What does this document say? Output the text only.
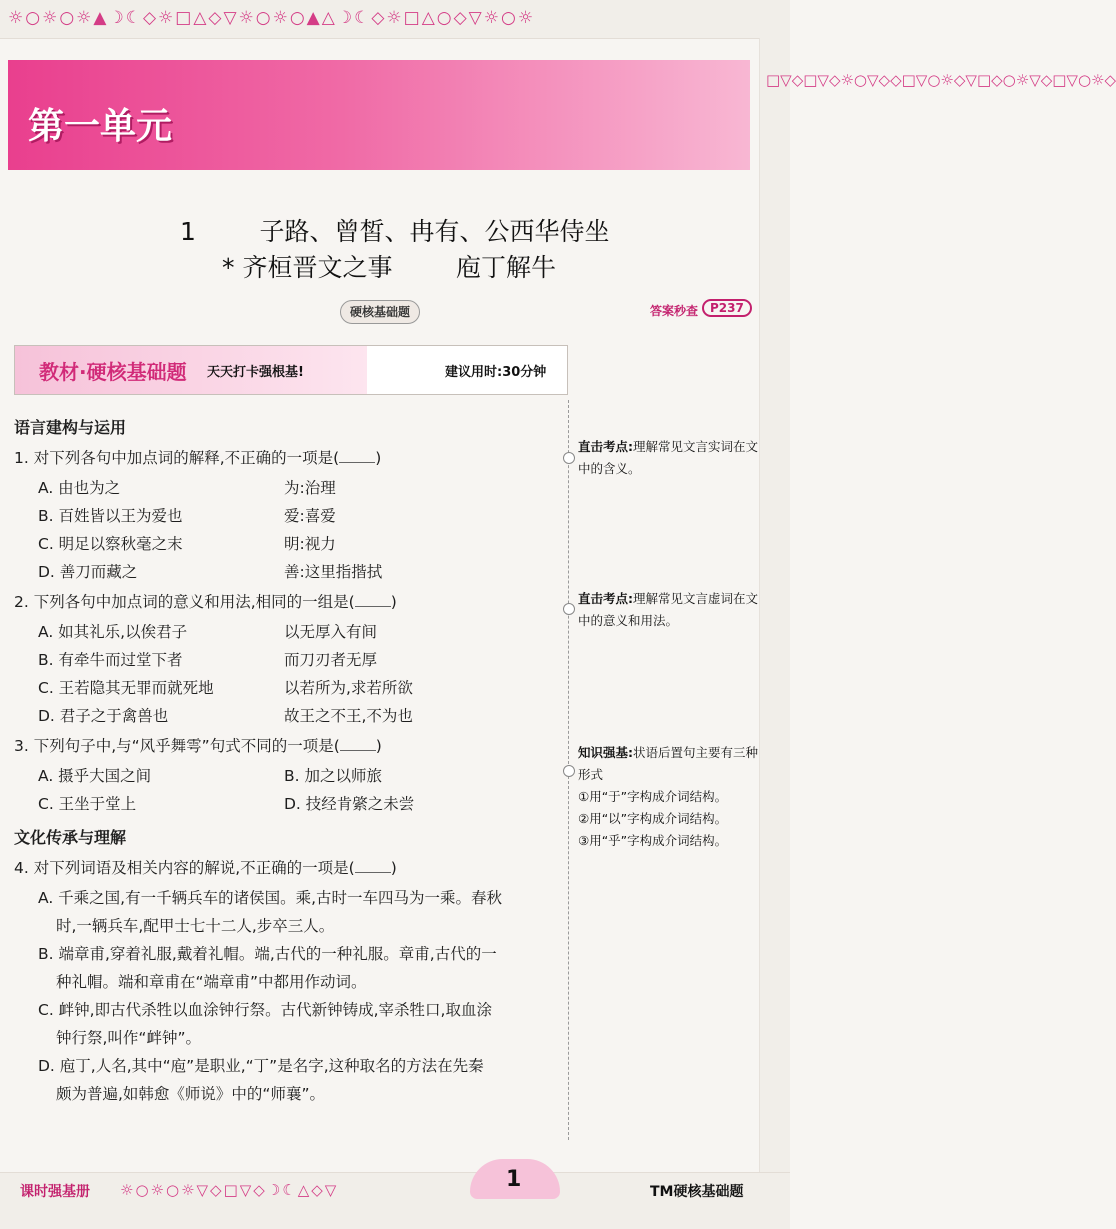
☼○☼○☼▲☽☾◇☼□△◇▽☼○☼○▲△☽☾◇☼□△○◇▽☼○☼
□▽◇□▽◇☼○▽◇◇□▽○☼◇▽□◇○☼▽◇□▽○☼◇
第一单元
1	子路、曾皙、冉有、公西华侍坐
* 齐桓晋文之事	庖丁解牛
硬核基础题	答案秒查 P237
教材·硬核基础题 天天打卡强根基!	建议用时:30分钟
语言建构与运用
1. 对下列各句中加点词的解释,不正确的一项是( )
A. 由也为之	为:治理
B. 百姓皆以王为爱也	爱:喜爱
C. 明足以察秋毫之末	明:视力
D. 善刀而藏之	善:这里指揩拭
2. 下列各句中加点词的意义和用法,相同的一组是( )
A. 如其礼乐,以俟君子	以无厚入有间
B. 有牵牛而过堂下者	而刀刃者无厚
C. 王若隐其无罪而就死地	以若所为,求若所欲
D. 君子之于禽兽也	故王之不王,不为也
3. 下列句子中,与“风乎舞雩”句式不同的一项是( )
A. 摄乎大国之间	B. 加之以师旅
C. 王坐于堂上	D. 技经肯綮之未尝
文化传承与理解
4. 对下列词语及相关内容的解说,不正确的一项是( )
A. 千乘之国,有一千辆兵车的诸侯国。乘,古时一车四马为一乘。春秋
时,一辆兵车,配甲士七十二人,步卒三人。
B. 端章甫,穿着礼服,戴着礼帽。端,古代的一种礼服。章甫,古代的一
种礼帽。端和章甫在“端章甫”中都用作动词。
C. 衅钟,即古代杀牲以血涂钟行祭。古代新钟铸成,宰杀牲口,取血涂
钟行祭,叫作“衅钟”。
D. 庖丁,人名,其中“庖”是职业,“丁”是名字,这种取名的方法在先秦
颇为普遍,如韩愈《师说》中的“师襄”。
直击考点:理解常见文言实词在文中的含义。
直击考点:理解常见文言虚词在文中的意义和用法。
知识强基:状语后置句主要有三种形式
①用“于”字构成介词结构。
②用“以”字构成介词结构。
③用“乎”字构成介词结构。
课时强基册 ☼○☼○☼▽◇□▽◇☽☾△◇▽	1	TM硬核基础题
